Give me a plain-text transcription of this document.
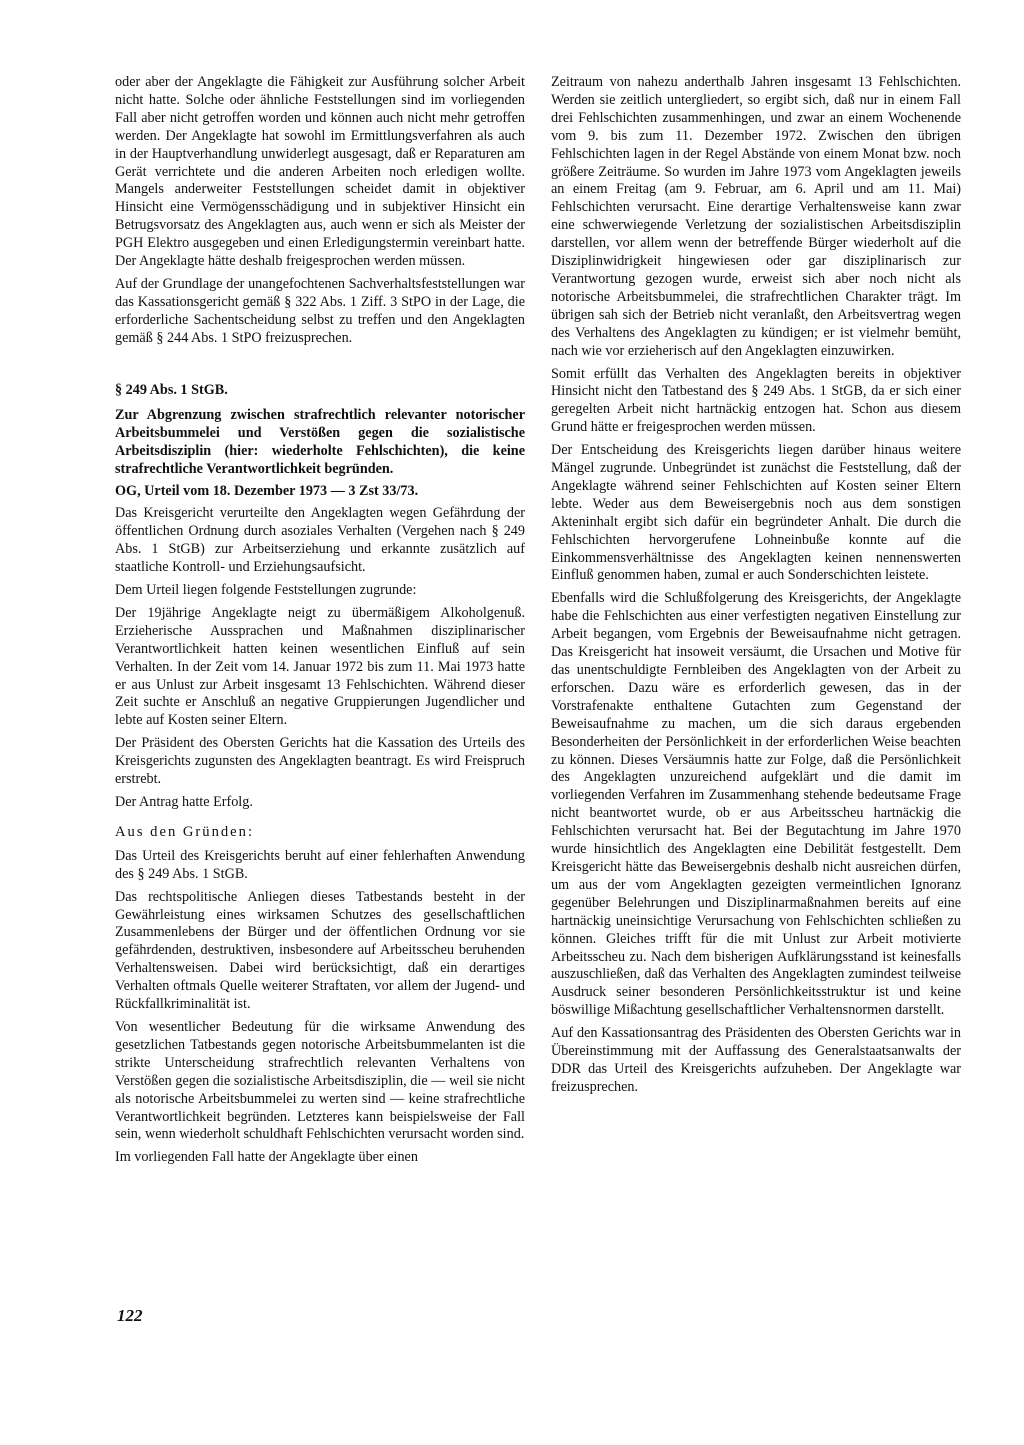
oder aber der Angeklagte die Fähigkeit zur Ausführung solcher Arbeit nicht hatte. Solche oder ähnliche Feststellungen sind im vorliegenden Fall aber nicht getroffen worden und können auch nicht mehr getroffen werden. Der Angeklagte hat sowohl im Ermittlungsverfahren als auch in der Hauptverhandlung unwiderlegt ausgesagt, daß er Reparaturen am Gerät verrichtete und die anderen Arbeiten noch erledigen wollte. Mangels anderweiter Feststellungen scheidet damit in objektiver Hinsicht eine Vermögensschädigung und in subjektiver Hinsicht ein Betrugsvorsatz des Angeklagten aus, auch wenn er sich als Meister der PGH Elektro ausgegeben und einen Erledigungstermin vereinbart hatte. Der Angeklagte hätte deshalb freigesprochen werden müssen.

Auf der Grundlage der unangefochtenen Sachverhaltsfeststellungen war das Kassationsgericht gemäß § 322 Abs. 1 Ziff. 3 StPO in der Lage, die erforderliche Sachentscheidung selbst zu treffen und den Angeklagten gemäß § 244 Abs. 1 StPO freizusprechen.

§ 249 Abs. 1 StGB.

Zur Abgrenzung zwischen strafrechtlich relevanter notorischer Arbeitsbummelei und Verstößen gegen die sozialistische Arbeitsdisziplin (hier: wiederholte Fehlschichten), die keine strafrechtliche Verantwortlichkeit begründen.

OG, Urteil vom 18. Dezember 1973 — 3 Zst 33/73.

Das Kreisgericht verurteilte den Angeklagten wegen Gefährdung der öffentlichen Ordnung durch asoziales Verhalten (Vergehen nach § 249 Abs. 1 StGB) zur Arbeitserziehung und erkannte zusätzlich auf staatliche Kontroll- und Erziehungsaufsicht.

Dem Urteil liegen folgende Feststellungen zugrunde:

Der 19jährige Angeklagte neigt zu übermäßigem Alkoholgenuß. Erzieherische Aussprachen und Maßnahmen disziplinarischer Verantwortlichkeit hatten keinen wesentlichen Einfluß auf sein Verhalten. In der Zeit vom 14. Januar 1972 bis zum 11. Mai 1973 hatte er aus Unlust zur Arbeit insgesamt 13 Fehlschichten. Während dieser Zeit suchte er Anschluß an negative Gruppierungen Jugendlicher und lebte auf Kosten seiner Eltern.

Der Präsident des Obersten Gerichts hat die Kassation des Urteils des Kreisgerichts zugunsten des Angeklagten beantragt. Es wird Freispruch erstrebt.

Der Antrag hatte Erfolg.

Aus den Gründen:

Das Urteil des Kreisgerichts beruht auf einer fehlerhaften Anwendung des § 249 Abs. 1 StGB.

Das rechtspolitische Anliegen dieses Tatbestands besteht in der Gewährleistung eines wirksamen Schutzes des gesellschaftlichen Zusammenlebens der Bürger und der öffentlichen Ordnung vor sie gefährdenden, destruktiven, insbesondere auf Arbeitsscheu beruhenden Verhaltensweisen. Dabei wird berücksichtigt, daß ein derartiges Verhalten oftmals Quelle weiterer Straftaten, vor allem der Jugend- und Rückfallkriminalität ist.

Von wesentlicher Bedeutung für die wirksame Anwendung des gesetzlichen Tatbestands gegen notorische Arbeitsbummelanten ist die strikte Unterscheidung strafrechtlich relevanten Verhaltens von Verstößen gegen die sozialistische Arbeitsdisziplin, die — weil sie nicht als notorische Arbeitsbummelei zu werten sind — keine strafrechtliche Verantwortlichkeit begründen. Letzteres kann beispielsweise der Fall sein, wenn wiederholt schuldhaft Fehlschichten verursacht worden sind.

Im vorliegenden Fall hatte der Angeklagte über einen

Zeitraum von nahezu anderthalb Jahren insgesamt 13 Fehlschichten. Werden sie zeitlich untergliedert, so ergibt sich, daß nur in einem Fall drei Fehlschichten zusammenhingen, und zwar an einem Wochenende vom 9. bis zum 11. Dezember 1972. Zwischen den übrigen Fehlschichten lagen in der Regel Abstände von einem Monat bzw. noch größere Zeiträume. So wurden im Jahre 1973 vom Angeklagten jeweils an einem Freitag (am 9. Februar, am 6. April und am 11. Mai) Fehlschichten verursacht. Eine derartige Verhaltensweise kann zwar eine schwerwiegende Verletzung der sozialistischen Arbeitsdisziplin darstellen, vor allem wenn der betreffende Bürger wiederholt auf die Disziplinwidrigkeit hingewiesen oder gar disziplinarisch zur Verantwortung gezogen wurde, erweist sich aber noch nicht als notorische Arbeitsbummelei, die strafrechtlichen Charakter trägt. Im übrigen sah sich der Betrieb nicht veranlaßt, den Arbeitsvertrag wegen des Verhaltens des Angeklagten zu kündigen; er ist vielmehr bemüht, nach wie vor erzieherisch auf den Angeklagten einzuwirken.

Somit erfüllt das Verhalten des Angeklagten bereits in objektiver Hinsicht nicht den Tatbestand des § 249 Abs. 1 StGB, da er sich einer geregelten Arbeit nicht hartnäckig entzogen hat. Schon aus diesem Grund hätte er freigesprochen werden müssen.

Der Entscheidung des Kreisgerichts liegen darüber hinaus weitere Mängel zugrunde. Unbegründet ist zunächst die Feststellung, daß der Angeklagte während seiner Fehlschichten auf Kosten seiner Eltern lebte. Weder aus dem Beweisergebnis noch aus dem sonstigen Akteninhalt ergibt sich dafür ein begründeter Anhalt. Die durch die Fehlschichten hervorgerufene Lohneinbuße konnte auf die Einkommensverhältnisse des Angeklagten keinen nennenswerten Einfluß genommen haben, zumal er auch Sonderschichten leistete.

Ebenfalls wird die Schlußfolgerung des Kreisgerichts, der Angeklagte habe die Fehlschichten aus einer verfestigten negativen Einstellung zur Arbeit begangen, vom Ergebnis der Beweisaufnahme nicht getragen. Das Kreisgericht hat insoweit versäumt, die Ursachen und Motive für das unentschuldigte Fernbleiben des Angeklagten von der Arbeit zu erforschen. Dazu wäre es erforderlich gewesen, das in der Vorstrafenakte enthaltene Gutachten zum Gegenstand der Beweisaufnahme zu machen, um die sich daraus ergebenden Besonderheiten der Persönlichkeit in der erforderlichen Weise beachten zu können. Dieses Versäumnis hatte zur Folge, daß die Persönlichkeit des Angeklagten unzureichend aufgeklärt und die damit im vorliegenden Verfahren im Zusammenhang stehende bedeutsame Frage nicht beantwortet wurde, ob er aus Arbeitsscheu hartnäckig die Fehlschichten verursacht hat. Bei der Begutachtung im Jahre 1970 wurde hinsichtlich des Angeklagten eine Debilität festgestellt. Dem Kreisgericht hätte das Beweisergebnis deshalb nicht ausreichen dürfen, um aus der vom Angeklagten gezeigten vermeintlichen Ignoranz gegenüber Belehrungen und Disziplinarmaßnahmen bereits auf eine hartnäckig uneinsichtige Verursachung von Fehlschichten schließen zu können. Gleiches trifft für die mit Unlust zur Arbeit motivierte Arbeitsscheu zu. Nach dem bisherigen Aufklärungsstand ist keinesfalls auszuschließen, daß das Verhalten des Angeklagten zumindest teilweise Ausdruck seiner besonderen Persönlichkeitsstruktur ist und keine böswillige Mißachtung gesellschaftlicher Verhaltensnormen darstellt.

Auf den Kassationsantrag des Präsidenten des Obersten Gerichts war in Übereinstimmung mit der Auffassung des Generalstaatsanwalts der DDR das Urteil des Kreisgerichts aufzuheben. Der Angeklagte war freizusprechen.

122
